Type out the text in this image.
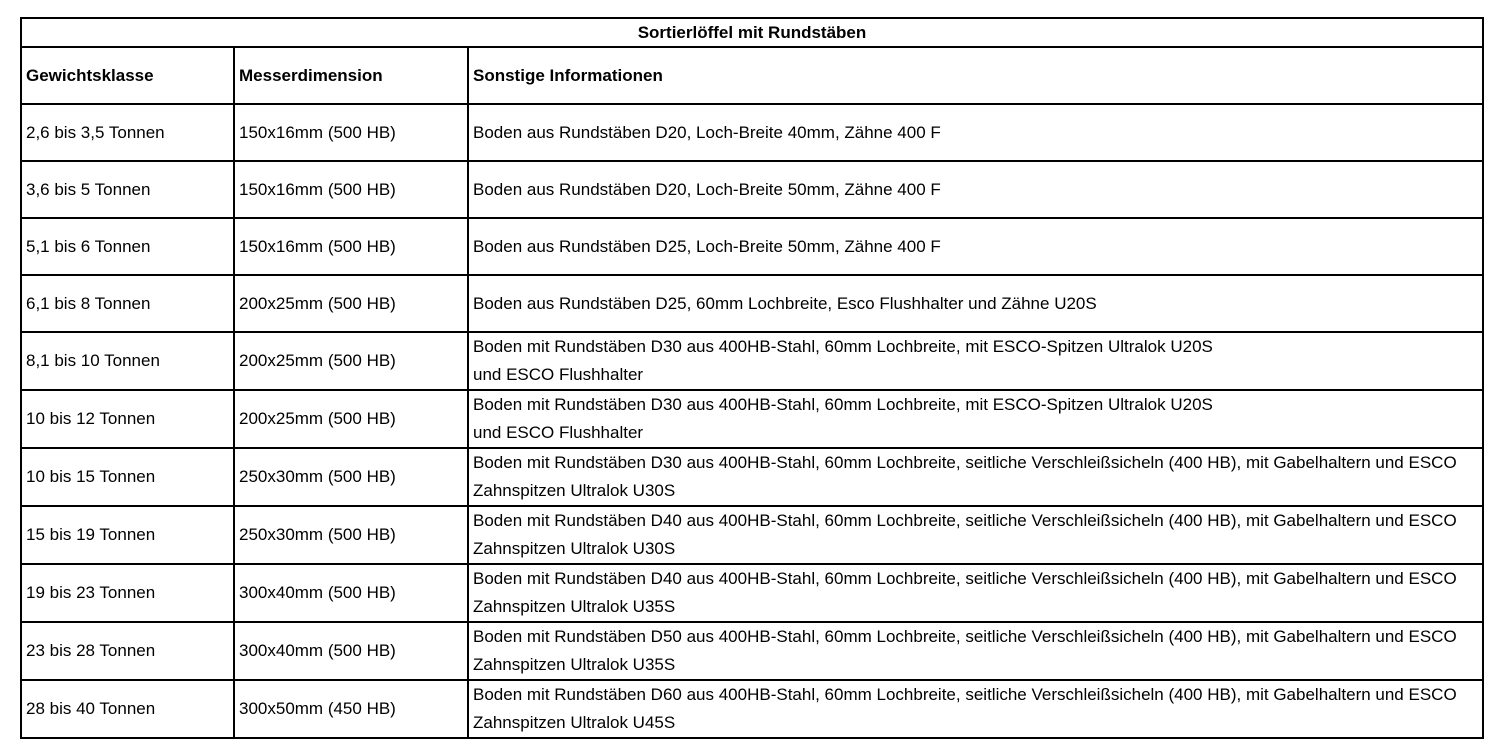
Sortierlöffel mit Rundstäben		
Gewichtsklasse	Messerdimension	Sonstige Informationen
2,6 bis 3,5 Tonnen	150x16mm (500 HB)	Boden aus Rundstäben D20, Loch-Breite 40mm, Zähne 400 F

3,6 bis 5 Tonnen	150x16mm (500 HB)	Boden aus Rundstäben D20, Loch-Breite 50mm, Zähne 400 F

5,1 bis 6 Tonnen	150x16mm (500 HB)	Boden aus Rundstäben D25, Loch-Breite 50mm, Zähne 400 F

6,1 bis 8 Tonnen	200x25mm (500 HB)	Boden aus Rundstäben D25, 60mm Lochbreite, Esco Flushhalter und Zähne U20S

8,1 bis 10 Tonnen	200x25mm (500 HB)	Boden mit Rundstäben D30 aus 400HB-Stahl, 60mm Lochbreite, mit ESCO-Spitzen Ultralok U20S und ESCO Flushhalter

10 bis 12 Tonnen	200x25mm (500 HB)	Boden mit Rundstäben D30 aus 400HB-Stahl, 60mm Lochbreite, mit ESCO-Spitzen Ultralok U20S und ESCO Flushhalter

10 bis 15 Tonnen	250x30mm (500 HB)	Boden mit Rundstäben D30 aus 400HB-Stahl, 60mm Lochbreite, seitliche Verschleißsicheln (400 HB), mit Gabelhaltern und ESCO Zahnspitzen Ultralok U30S

15 bis 19 Tonnen	250x30mm (500 HB)	Boden mit Rundstäben D40 aus 400HB-Stahl, 60mm Lochbreite, seitliche Verschleißsicheln (400 HB), mit Gabelhaltern und ESCO Zahnspitzen Ultralok U30S

19 bis 23 Tonnen	300x40mm (500 HB)	Boden mit Rundstäben D40 aus 400HB-Stahl, 60mm Lochbreite, seitliche Verschleißsicheln (400 HB), mit Gabelhaltern und ESCO Zahnspitzen Ultralok U35S

23 bis 28 Tonnen	300x40mm (500 HB)	Boden mit Rundstäben D50 aus 400HB-Stahl, 60mm Lochbreite, seitliche Verschleißsicheln (400 HB), mit Gabelhaltern und ESCO Zahnspitzen Ultralok U35S

28 bis 40 Tonnen	300x50mm (450 HB)	Boden mit Rundstäben D60 aus 400HB-Stahl, 60mm Lochbreite, seitliche Verschleißsicheln (400 HB), mit Gabelhaltern und ESCO Zahnspitzen Ultralok U45S
